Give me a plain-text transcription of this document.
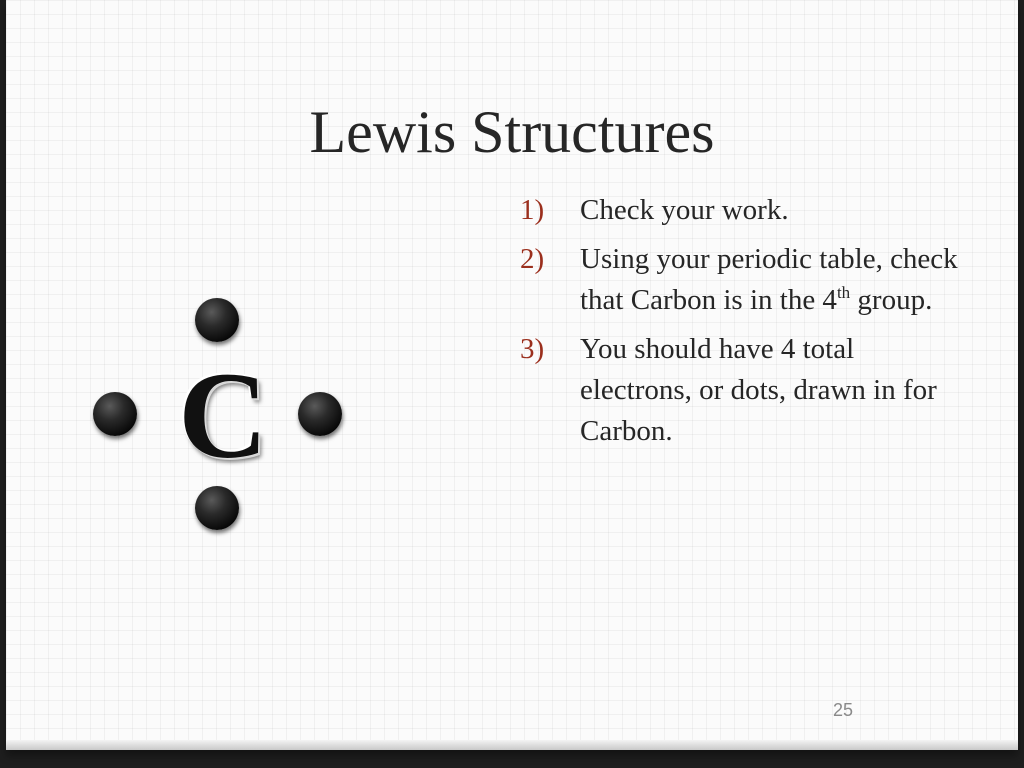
Lewis Structures
1) Check your work.
2) Using your periodic table, check that Carbon is in the 4th group.
3) You should have 4 total electrons, or dots, drawn in for Carbon.
C
25
